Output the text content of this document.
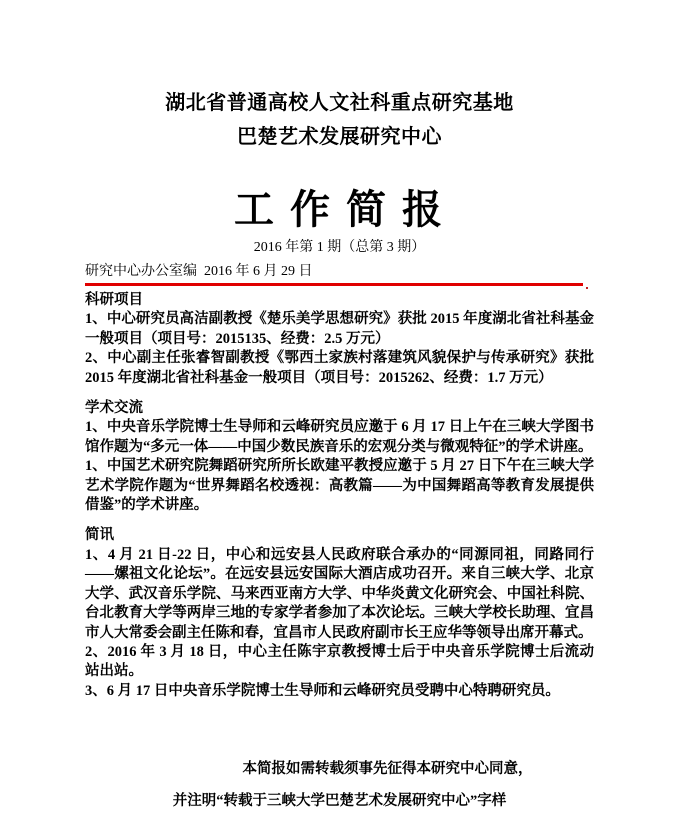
湖北省普通高校人文社科重点研究基地
巴楚艺术发展研究中心
工 作 简 报
2016 年第 1 期（总第 3 期）
研究中心办公室编  2016 年 6 月 29 日
科研项目

1、中心研究员高洁副教授《楚乐美学思想研究》获批 2015 年度湖北省社科基金一般项目（项目号：2015135、经费：2.5 万元）

2、中心副主任张睿智副教授《鄂西土家族村落建筑风貌保护与传承研究》获批 2015 年度湖北省社科基金一般项目（项目号：2015262、经费：1.7 万元）

学术交流

1、中央音乐学院博士生导师和云峰研究员应邀于 6 月 17 日上午在三峡大学图书馆作题为“多元一体——中国少数民族音乐的宏观分类与微观特征”的学术讲座。

1、中国艺术研究院舞蹈研究所所长欧建平教授应邀于 5 月 27 日下午在三峡大学艺术学院作题为“世界舞蹈名校透视：高教篇——为中国舞蹈高等教育发展提供借鉴”的学术讲座。

简讯

1、4 月 21 日-22 日，中心和远安县人民政府联合承办的“同源同祖，同路同行——嫘祖文化论坛”。在远安县远安国际大酒店成功召开。来自三峡大学、北京大学、武汉音乐学院、马来西亚南方大学、中华炎黄文化研究会、中国社科院、台北教育大学等两岸三地的专家学者参加了本次论坛。三峡大学校长助理、宜昌市人大常委会副主任陈和春，宜昌市人民政府副市长王应华等领导出席开幕式。

2、2016 年 3 月 18 日，中心主任陈宇京教授博士后于中央音乐学院博士后流动站出站。

3、6 月 17 日中央音乐学院博士生导师和云峰研究员受聘中心特聘研究员。

本简报如需转载须事先征得本研究中心同意，
并注明“转载于三峡大学巴楚艺术发展研究中心”字样
